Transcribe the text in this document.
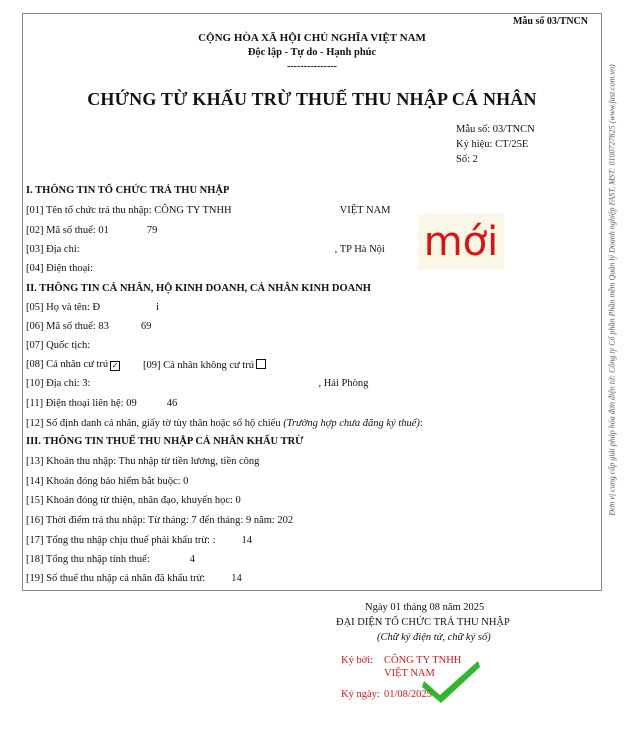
Mẫu số 03/TNCN
CỘNG HÒA XÃ HỘI CHỦ NGHĨA VIỆT NAM
Độc lập - Tự do - Hạnh phúc
---------------
CHỨNG TỪ KHẤU TRỪ THUẾ THU NHẬP CÁ NHÂN
Mẫu số: 03/TNCN
Ký hiệu: CT/25E
Số: 2
mới
I. THÔNG TIN TỔ CHỨC TRẢ THU NHẬP
[01] Tên tổ chức trả thu nhập: CÔNG TY TNHH	VIỆT NAM
[02] Mã số thuế: 01	79
[03] Địa chỉ:	, TP Hà Nội
[04] Điện thoại:
II. THÔNG TIN CÁ NHÂN, HỘ KINH DOANH, CÁ NHÂN KINH DOANH
[05] Họ và tên: Đ	i
[06] Mã số thuế: 83	69
[07] Quốc tịch:
[08] Cá nhân cư trú ✓ [09] Cá nhân không cư trú
[10] Địa chỉ: 3:	, Hải Phòng
[11] Điện thoại liên hệ: 09	46
[12] Số định danh cá nhân, giấy tờ tùy thân hoặc số hộ chiếu (Trường hợp chưa đăng ký thuế):
III. THÔNG TIN THUẾ THU NHẬP CÁ NHÂN KHẤU TRỪ
[13] Khoản thu nhập: Thu nhập từ tiền lương, tiền công
[14] Khoản đóng bảo hiểm bắt buộc: 0
[15] Khoản đóng từ thiện, nhân đạo, khuyến học: 0
[16] Thời điểm trả thu nhập: Từ tháng: 7 đến tháng: 9 năm: 202
[17] Tổng thu nhập chịu thuế phải khấu trừ: : 14
[18] Tổng thu nhập tính thuế:	4
[19] Số thuế thu nhập cá nhân đã khấu trừ: 14
Ngày 01 tháng 08 năm 2025
ĐẠI DIỆN TỔ CHỨC TRẢ THU NHẬP
(Chữ ký điện tử, chữ ký số)
Ký bởi: CÔNG TY TNHH
VIỆT NAM
Ký ngày: 01/08/2025
Đơn vị cung cấp giải pháp hóa đơn điện tử: Công ty Cổ phần Phần mềm Quản lý Doanh nghiệp FAST, MST: 0100727825 (www.fast.com.vn)
